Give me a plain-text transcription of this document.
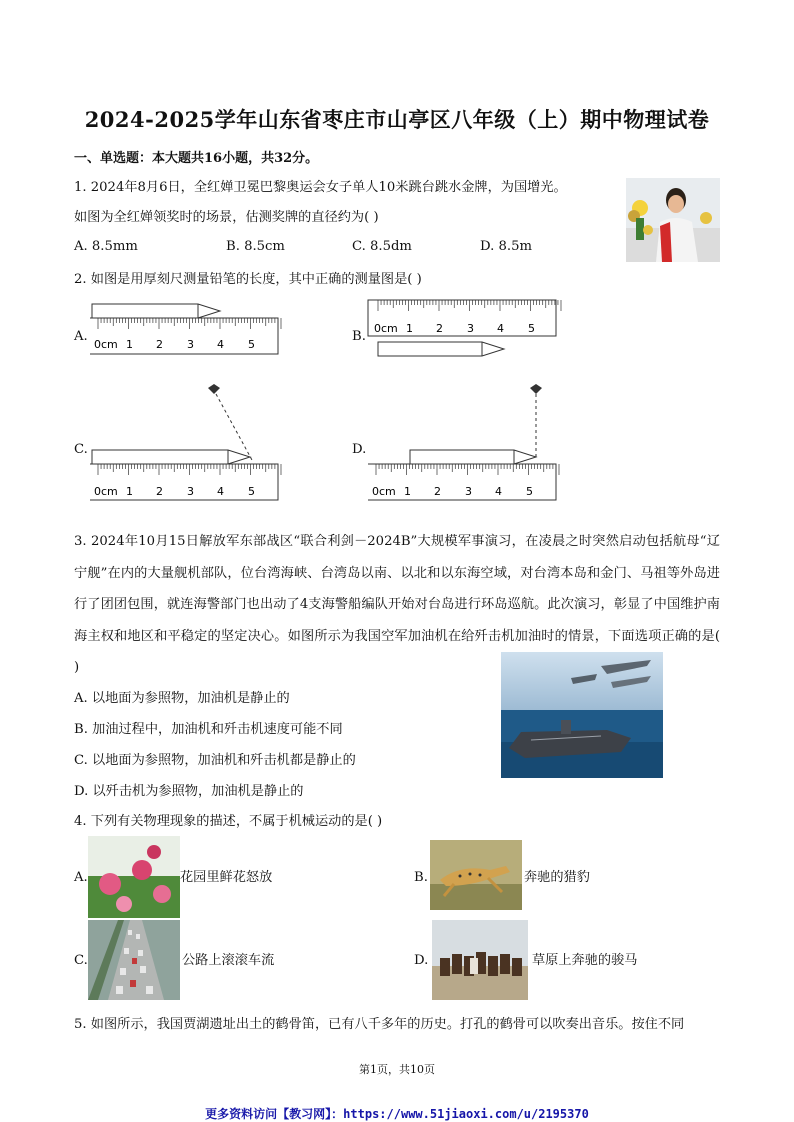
2024-2025学年山东省枣庄市山亭区八年级（上）期中物理试卷
一、单选题：本大题共16小题，共32分。
1. 2024年8月6日，全红婵卫冕巴黎奥运会女子单人10米跳台跳水金牌，为国增光。
如图为全红婵领奖时的场景，估测奖牌的直径约为( )
A. 8.5mm	B. 8.5cm	C. 8.5dm	D. 8.5m
2. 如图是用厚刻尺测量铅笔的长度，其中正确的测量图是( )
A.
0cm 1 2 3 4 5
B.
0cm 1 2 3 4 5
C.
0cm 1 2 3 4 5
D.
0cm 1 2 3 4 5
3. 2024年10月15日解放军东部战区“联合利剑－2024B”大规模军事演习，在凌晨之时突然启动包括航母“辽宁舰”在内的大量舰机部队，位台湾海峡、台湾岛以南、以北和以东海空域，对台湾本岛和金门、马祖等外岛进行了团团包围，就连海警部门也出动了4支海警船编队开始对台岛进行环岛巡航。此次演习，彰显了中国维护南海主权和地区和平稳定的坚定决心。如图所示为我国空军加油机在给歼击机加油时的情景，下面选项正确的是( )
A. 以地面为参照物，加油机是静止的
B. 加油过程中，加油机和歼击机速度可能不同
C. 以地面为参照物，加油机和歼击机都是静止的
D. 以歼击机为参照物，加油机是静止的
4. 下列有关物理现象的描述，不属于机械运动的是( )
A.	花园里鲜花怒放	B.	奔驰的猎豹
C.	公路上滚滚车流	D.	草原上奔驰的骏马
5. 如图所示，我国贾湖遗址出土的鹤骨笛，已有八千多年的历史。打孔的鹤骨可以吹奏出音乐。按住不同
第1页，共10页
更多资料访问【教习网】：https://www.51jiaoxi.com/u/2195370
